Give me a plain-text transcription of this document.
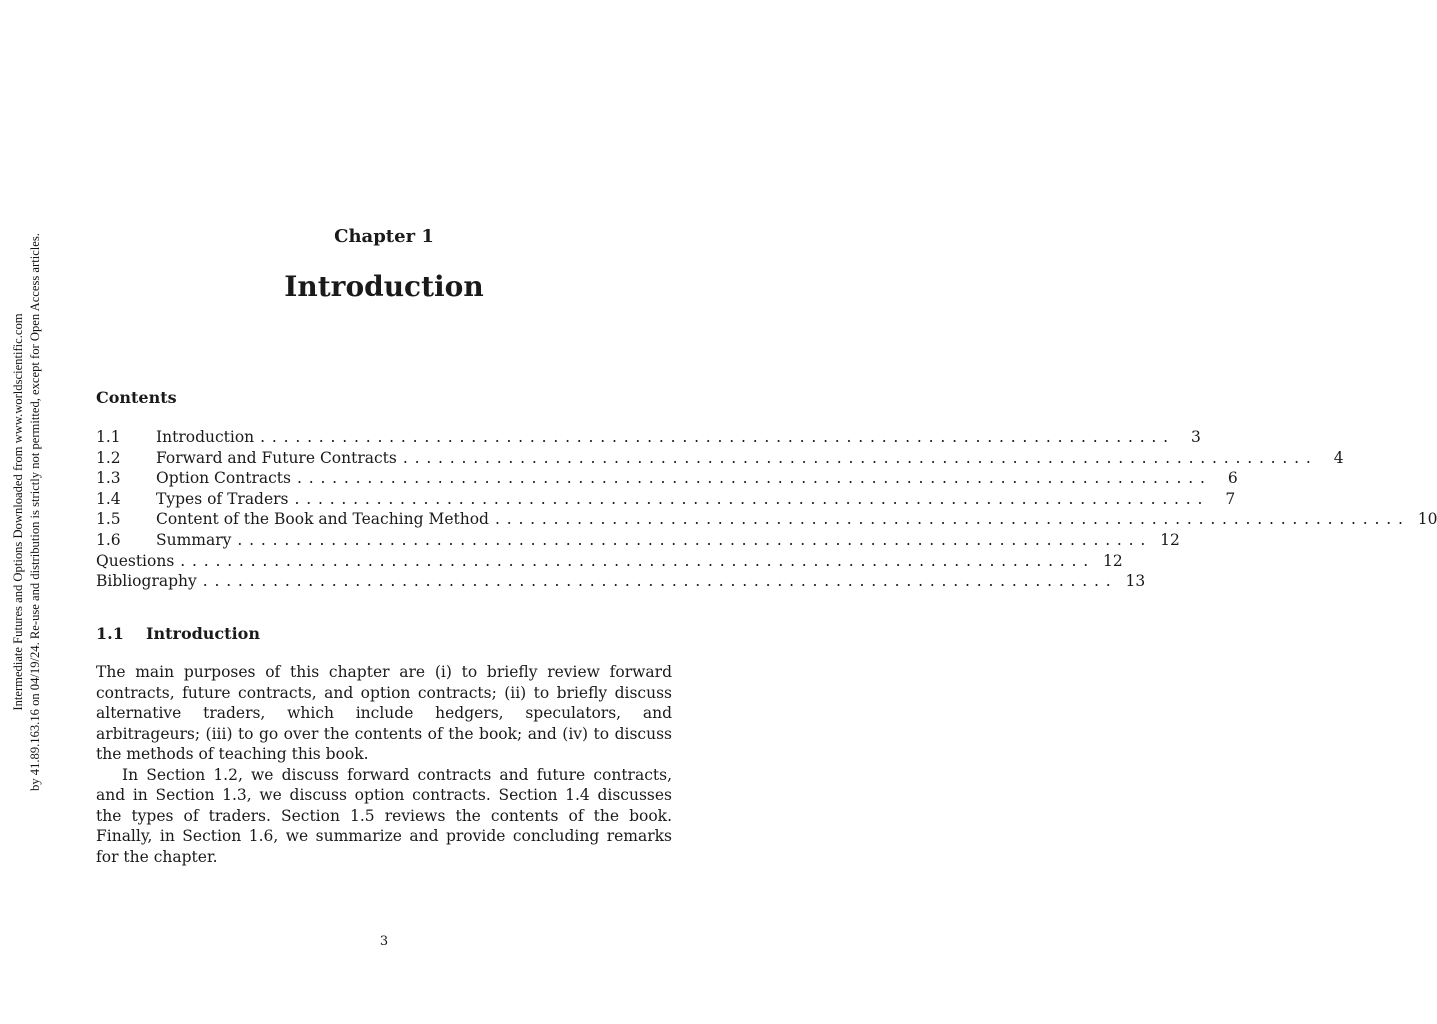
Intermediate Futures and Options Downloaded from www.worldscientific.com by 41.89.163.16 on 04/19/24. Re-use and distribution is strictly not permitted, except for Open Access articles.	Chapter 1
Introduction
Contents
1.1	Introduction ..............................................................................	3
1.2	Forward and Future Contracts ..............................................................................	4
1.3	Option Contracts ..............................................................................	6
1.4	Types of Traders ..............................................................................	7
1.5	Content of the Book and Teaching Method .............................................................................. 10
1.6	Summary .............................................................................. 12
Questions .............................................................................. 12
Bibliography .............................................................................. 13
1.1 Introduction

The main purposes of this chapter are (i) to briefly review forward contracts, future contracts, and option contracts; (ii) to briefly discuss alternative traders, which include hedgers, speculators, and arbitrageurs; (iii) to go over the contents of the book; and (iv) to discuss the methods of teaching this book.

In Section 1.2, we discuss forward contracts and future contracts, and in Section 1.3, we discuss option contracts. Section 1.4 discusses the types of traders. Section 1.5 reviews the contents of the book. Finally, in Section 1.6, we summarize and provide concluding remarks for the chapter.

3
